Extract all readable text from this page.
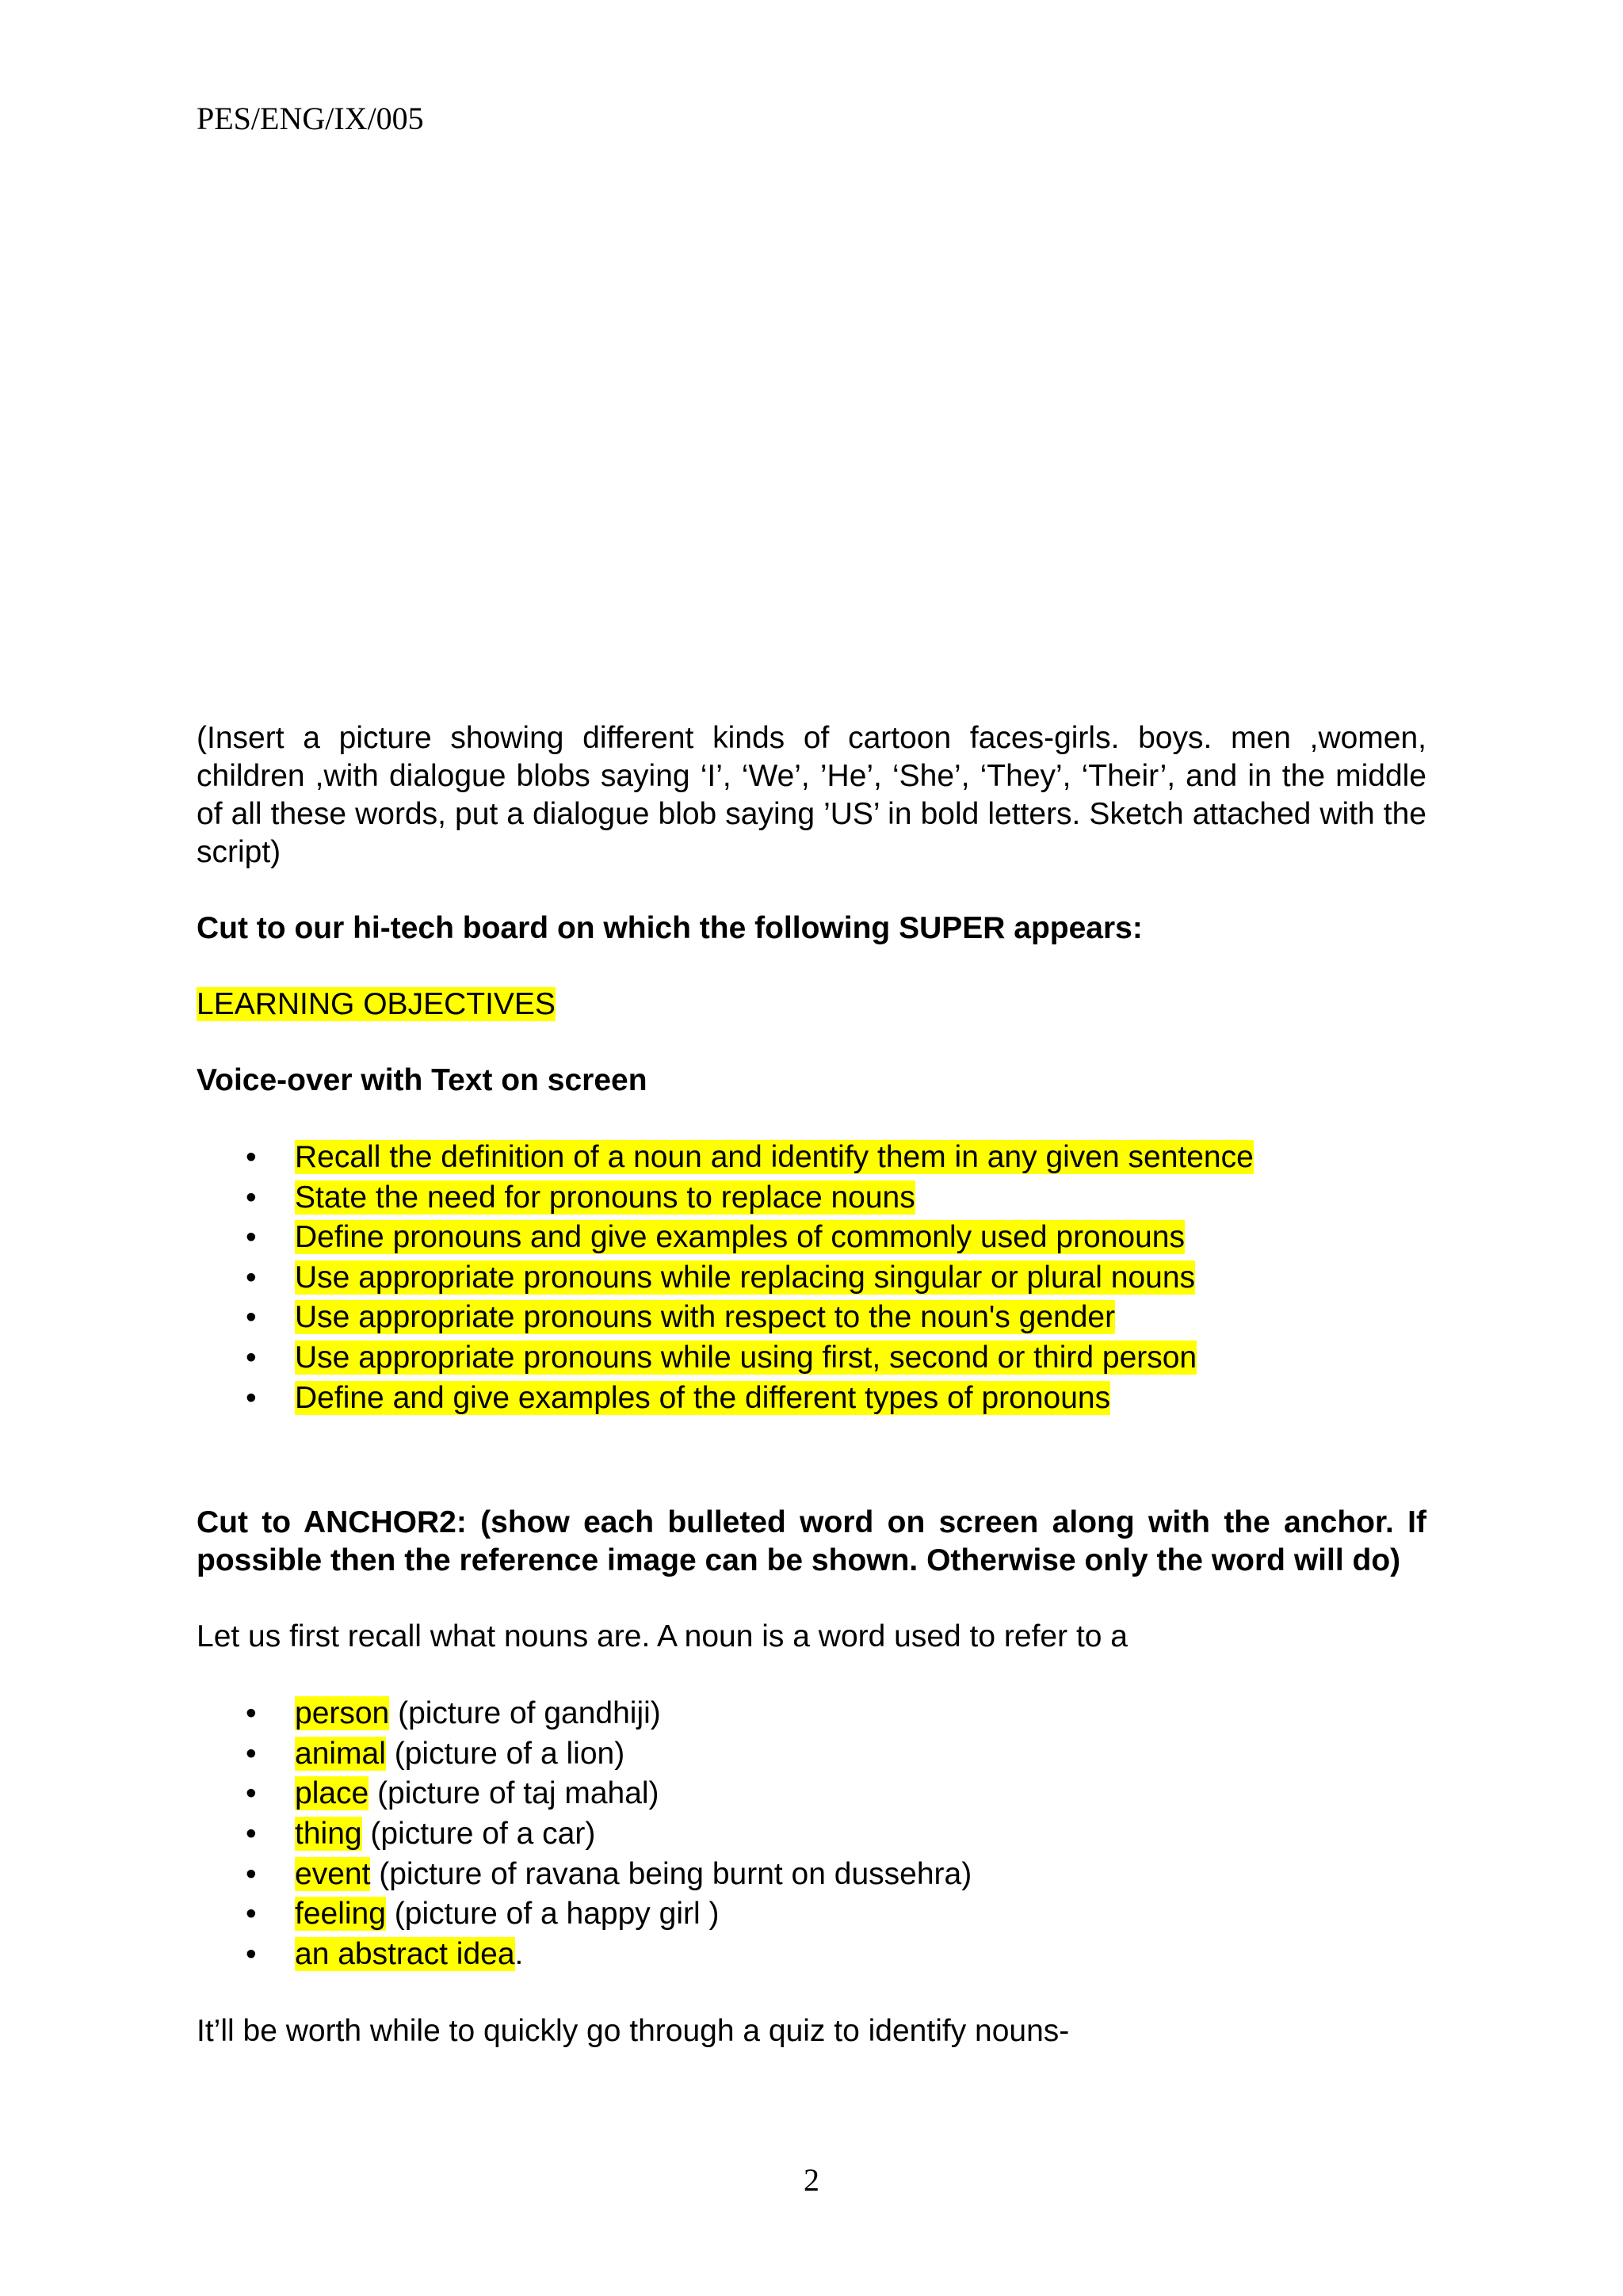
PES/ENG/IX/005

(Insert a picture showing different kinds of cartoon faces-girls. boys. men ,women, children ,with dialogue blobs saying ‘I’, ‘We’, ’He’, ‘She’, ‘They’, ‘Their’, and in the middle of all these words, put a dialogue blob saying ’US’ in bold letters. Sketch attached with the script)

Cut to our hi-tech board on which the following SUPER appears:

LEARNING OBJECTIVES

Voice-over with Text on screen

• Recall the definition of a noun and identify them in any given sentence
• State the need for pronouns to replace nouns
• Define pronouns and give examples of commonly used pronouns
• Use appropriate pronouns while replacing singular or plural nouns
• Use appropriate pronouns with respect to the noun's gender
• Use appropriate pronouns while using first, second or third person
• Define and give examples of the different types of pronouns

Cut to ANCHOR2: (show each bulleted word on screen along with the anchor. If possible then the reference image can be shown. Otherwise only the word will do)

Let us first recall what nouns are. A noun is a word used to refer to a

• person (picture of gandhiji)
• animal (picture of a lion)
• place (picture of taj mahal)
• thing (picture of a car)
• event (picture of ravana being burnt on dussehra)
• feeling (picture of a happy girl )
• an abstract idea.

It’ll be worth while to quickly go through a quiz to identify nouns-

2
